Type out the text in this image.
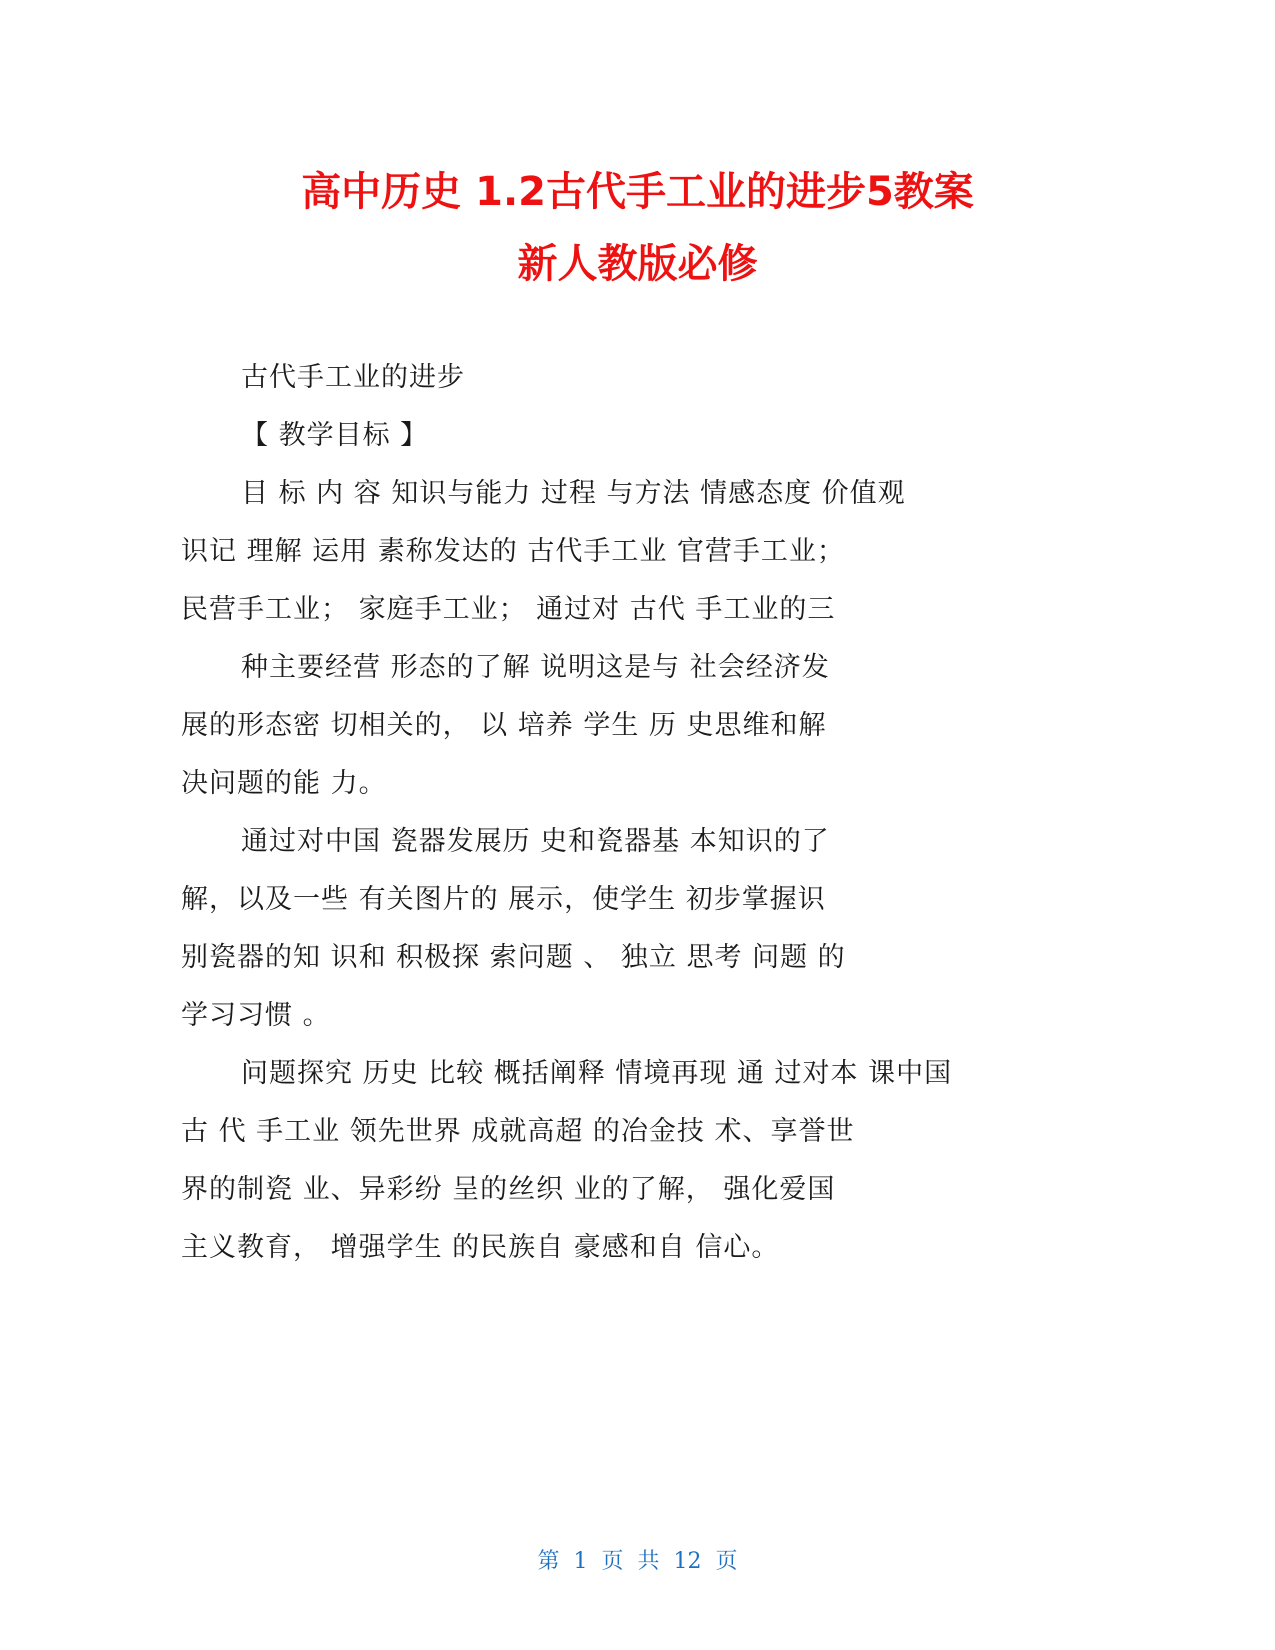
高中历史 1.2古代手工业的进步5教案
新人教版必修
古代手工业的进步
【 教学目标 】
目 标 内 容 知识与能力 过程 与方法 情感态度 价值观
识记 理解 运用 素称发达的 古代手工业 官营手工业；
民营手工业； 家庭手工业； 通过对 古代 手工业的三
种主要经营 形态的了解 说明这是与 社会经济发
展的形态密 切相关的， 以 培养 学生 历 史思维和解
决问题的能 力。
通过对中国 瓷器发展历 史和瓷器基 本知识的了
解，以及一些 有关图片的 展示，使学生 初步掌握识
别瓷器的知 识和 积极探 索问题 、 独立 思考 问题 的
学习习惯 。
问题探究 历史 比较 概括阐释 情境再现 通 过对本 课中国
古 代 手工业 领先世界 成就高超 的冶金技 术、享誉世
界的制瓷 业、异彩纷 呈的丝织 业的了解， 强化爱国
主义教育， 增强学生 的民族自 豪感和自 信心。
第  1  页  共  12  页
